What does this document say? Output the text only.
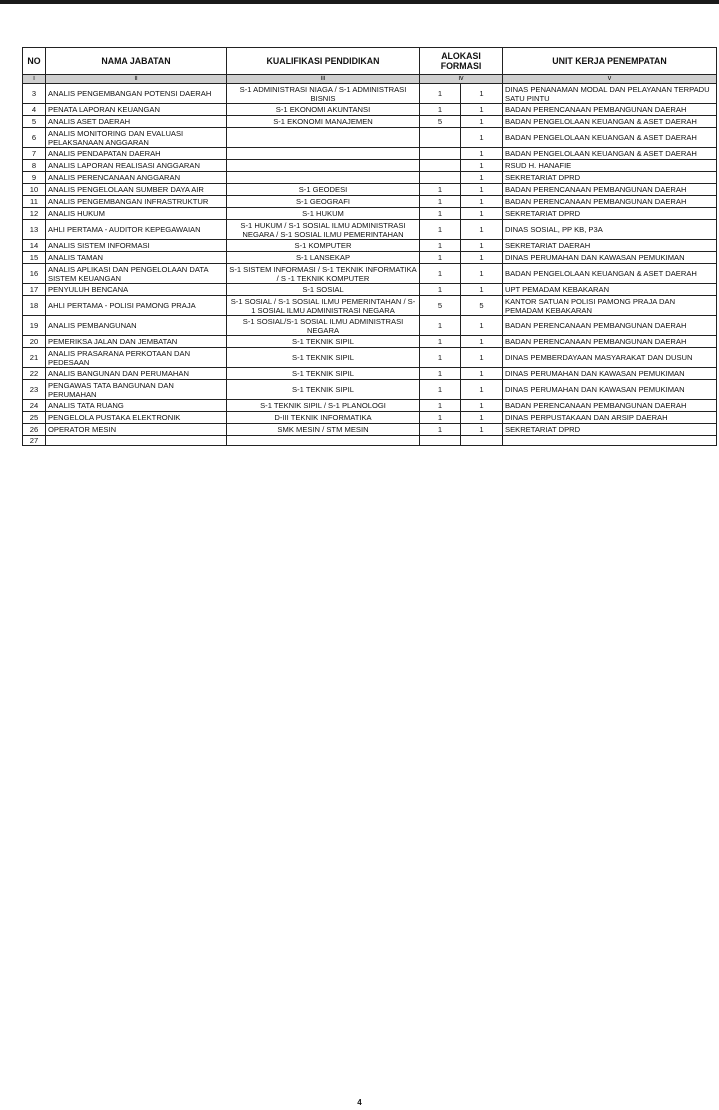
NO	NAMA JABATAN	KUALIFIKASI PENDIDIKAN	ALOKASI FORMASI		UNIT KERJA PENEMPATAN
i	ii	iii	iv		v
3	ANALIS PENGEMBANGAN POTENSI DAERAH	S-1 ADMINISTRASI NIAGA / S-1 ADMINISTRASI BISNIS	1	1	DINAS PENANAMAN MODAL DAN PELAYANAN TERPADU SATU PINTU
4	PENATA LAPORAN KEUANGAN	S-1 EKONOMI AKUNTANSI	1	1	BADAN PERENCANAAN PEMBANGUNAN DAERAH
5	ANALIS ASET DAERAH	S-1 EKONOMI MANAJEMEN	5	1	BADAN PENGELOLAAN KEUANGAN & ASET DAERAH
6	ANALIS MONITORING DAN EVALUASI PELAKSANAAN ANGGARAN			1	BADAN PENGELOLAAN KEUANGAN & ASET DAERAH
7	ANALIS PENDAPATAN DAERAH			1	BADAN PENGELOLAAN KEUANGAN & ASET DAERAH
8	ANALIS LAPORAN REALISASI ANGGARAN			1	RSUD H. HANAFIE
9	ANALIS PERENCANAAN ANGGARAN			1	SEKRETARIAT DPRD
10	ANALIS PENGELOLAAN SUMBER DAYA AIR	S-1 GEODESI	1	1	BADAN PERENCANAAN PEMBANGUNAN DAERAH
11	ANALIS PENGEMBANGAN INFRASTRUKTUR	S-1 GEOGRAFI	1	1	BADAN PERENCANAAN PEMBANGUNAN DAERAH
12	ANALIS HUKUM	S-1 HUKUM	1	1	SEKRETARIAT DPRD
13	AHLI PERTAMA - AUDITOR KEPEGAWAIAN	S-1 HUKUM / S-1 SOSIAL ILMU ADMINISTRASI NEGARA / S-1 SOSIAL ILMU PEMERINTAHAN	1	1	DINAS SOSIAL, PP KB, P3A
14	ANALIS SISTEM INFORMASI	S-1 KOMPUTER	1	1	SEKRETARIAT DAERAH
15	ANALIS TAMAN	S-1 LANSEKAP	1	1	DINAS PERUMAHAN DAN KAWASAN PEMUKIMAN
16	ANALIS APLIKASI DAN PENGELOLAAN DATA SISTEM KEUANGAN	S-1 SISTEM INFORMASI / S-1 TEKNIK INFORMATIKA / S -1 TEKNIK KOMPUTER	1	1	BADAN PENGELOLAAN KEUANGAN & ASET DAERAH
17	PENYULUH BENCANA	S-1 SOSIAL	1	1	UPT PEMADAM KEBAKARAN
18	AHLI PERTAMA - POLISI PAMONG PRAJA	S-1 SOSIAL / S-1 SOSIAL ILMU PEMERINTAHAN / S-1 SOSIAL ILMU ADMINISTRASI NEGARA	5	5	KANTOR SATUAN POLISI PAMONG PRAJA DAN PEMADAM KEBAKARAN
19	ANALIS PEMBANGUNAN	S-1 SOSIAL/S-1 SOSIAL ILMU ADMINISTRASI NEGARA	1	1	BADAN PERENCANAAN PEMBANGUNAN DAERAH
20	PEMERIKSA JALAN DAN JEMBATAN	S-1 TEKNIK SIPIL	1	1	BADAN PERENCANAAN PEMBANGUNAN DAERAH
21	ANALIS PRASARANA PERKOTAAN DAN PEDESAAN	S-1 TEKNIK SIPIL	1	1	DINAS PEMBERDAYAAN MASYARAKAT DAN DUSUN
22	ANALIS BANGUNAN DAN PERUMAHAN	S-1 TEKNIK SIPIL	1	1	DINAS PERUMAHAN DAN KAWASAN PEMUKIMAN
23	PENGAWAS TATA BANGUNAN DAN PERUMAHAN	S-1 TEKNIK SIPIL	1	1	DINAS PERUMAHAN DAN KAWASAN PEMUKIMAN
24	ANALIS TATA RUANG	S-1 TEKNIK SIPIL / S-1 PLANOLOGI	1	1	BADAN PERENCANAAN PEMBANGUNAN DAERAH
25	PENGELOLA PUSTAKA ELEKTRONIK	D-III TEKNIK INFORMATIKA	1	1	DINAS PERPUSTAKAAN DAN ARSIP DAERAH
26	OPERATOR MESIN	SMK MESIN / STM MESIN	1	1	SEKRETARIAT DPRD
27					
4
